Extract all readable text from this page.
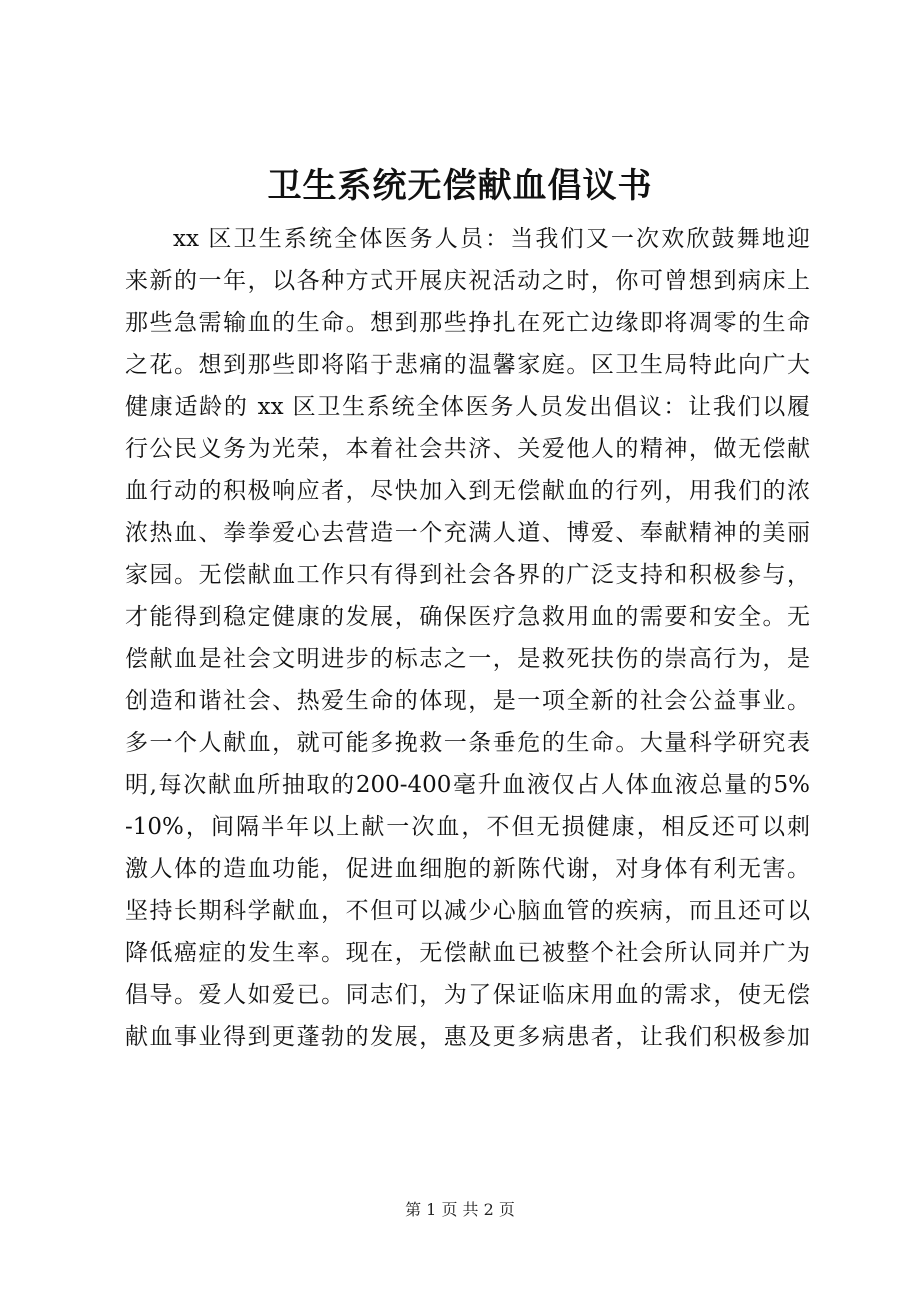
卫生系统无偿献血倡议书
xx 区卫生系统全体医务人员：当我们又一次欢欣鼓舞地迎
来新的一年，以各种方式开展庆祝活动之时，你可曾想到病床上
那些急需输血的生命。想到那些挣扎在死亡边缘即将凋零的生命
之花。想到那些即将陷于悲痛的温馨家庭。区卫生局特此向广大
健康适龄的 xx 区卫生系统全体医务人员发出倡议：让我们以履
行公民义务为光荣，本着社会共济、关爱他人的精神，做无偿献
血行动的积极响应者，尽快加入到无偿献血的行列，用我们的浓
浓热血、拳拳爱心去营造一个充满人道、博爱、奉献精神的美丽
家园。无偿献血工作只有得到社会各界的广泛支持和积极参与，
才能得到稳定健康的发展，确保医疗急救用血的需要和安全。无
偿献血是社会文明进步的标志之一，是救死扶伤的崇高行为，是
创造和谐社会、热爱生命的体现，是一项全新的社会公益事业。
多一个人献血，就可能多挽救一条垂危的生命。大量科学研究表
明,每次献血所抽取的200-400毫升血液仅占人体血液总量的5%
-10%，间隔半年以上献一次血，不但无损健康，相反还可以刺
激人体的造血功能，促进血细胞的新陈代谢，对身体有利无害。
坚持长期科学献血，不但可以减少心脑血管的疾病，而且还可以
降低癌症的发生率。现在，无偿献血已被整个社会所认同并广为
倡导。爱人如爱已。同志们，为了保证临床用血的需求，使无偿
献血事业得到更蓬勃的发展，惠及更多病患者，让我们积极参加
第 1 页 共 2 页
